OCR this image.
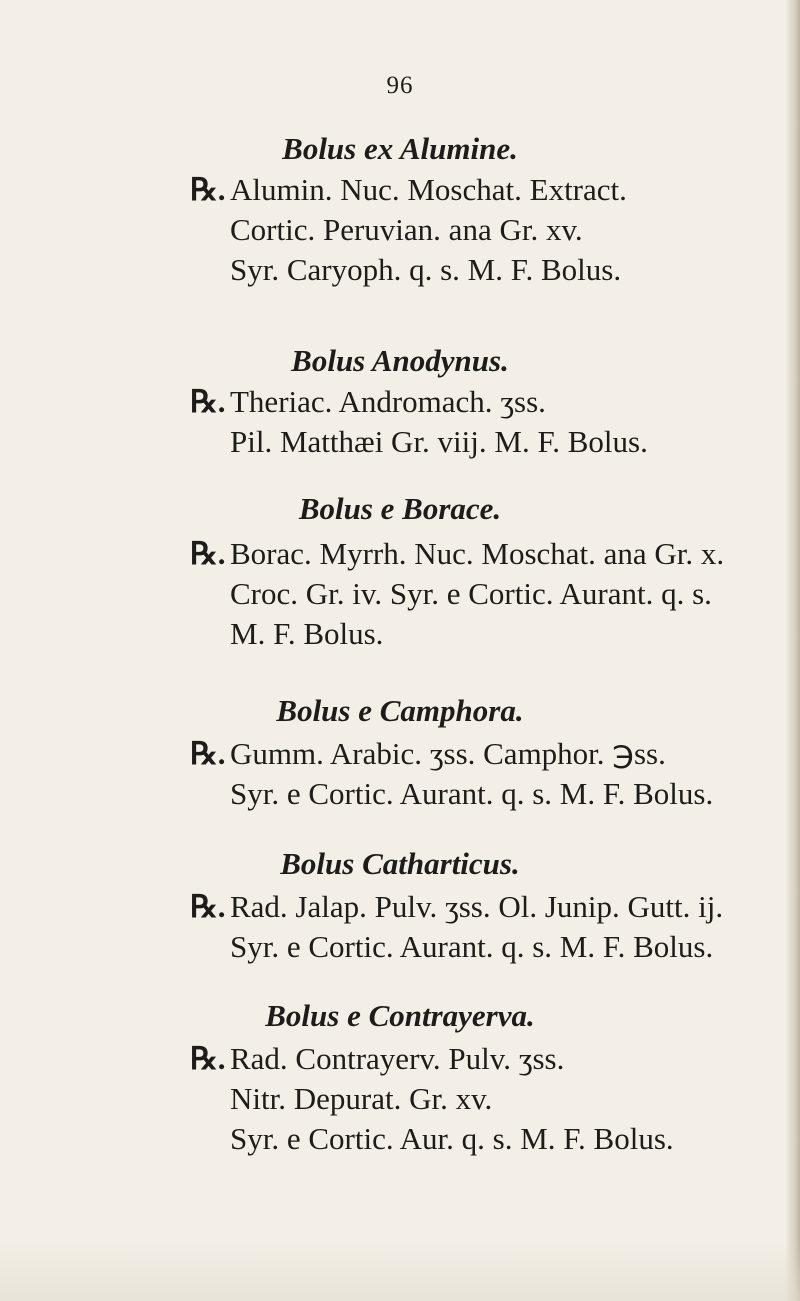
96
Bolus ex Alumine.
℞. Alumin. Nuc. Moschat. Extract.
Cortic. Peruvian. ana Gr. xv.
Syr. Caryoph. q. s. M. F. Bolus.
Bolus Anodynus.
℞. Theriac. Andromach. ʒss.
Pil. Matthæi Gr. viij. M. F. Bolus.
Bolus e Borace.
℞. Borac. Myrrh. Nuc. Moschat. ana Gr. x.
Croc. Gr. iv. Syr. e Cortic. Aurant. q. s.
M. F. Bolus.
Bolus e Camphora.
℞. Gumm. Arabic. ʒss. Camphor. ℈ss.
Syr. e Cortic. Aurant. q. s. M. F. Bolus.
Bolus Catharticus.
℞. Rad. Jalap. Pulv. ʒss. Ol. Junip. Gutt. ij.
Syr. e Cortic. Aurant. q. s. M. F. Bolus.
Bolus e Contrayerva.
℞. Rad. Contrayerv. Pulv. ʒss.
Nitr. Depurat. Gr. xv.
Syr. e Cortic. Aur. q. s. M. F. Bolus.
